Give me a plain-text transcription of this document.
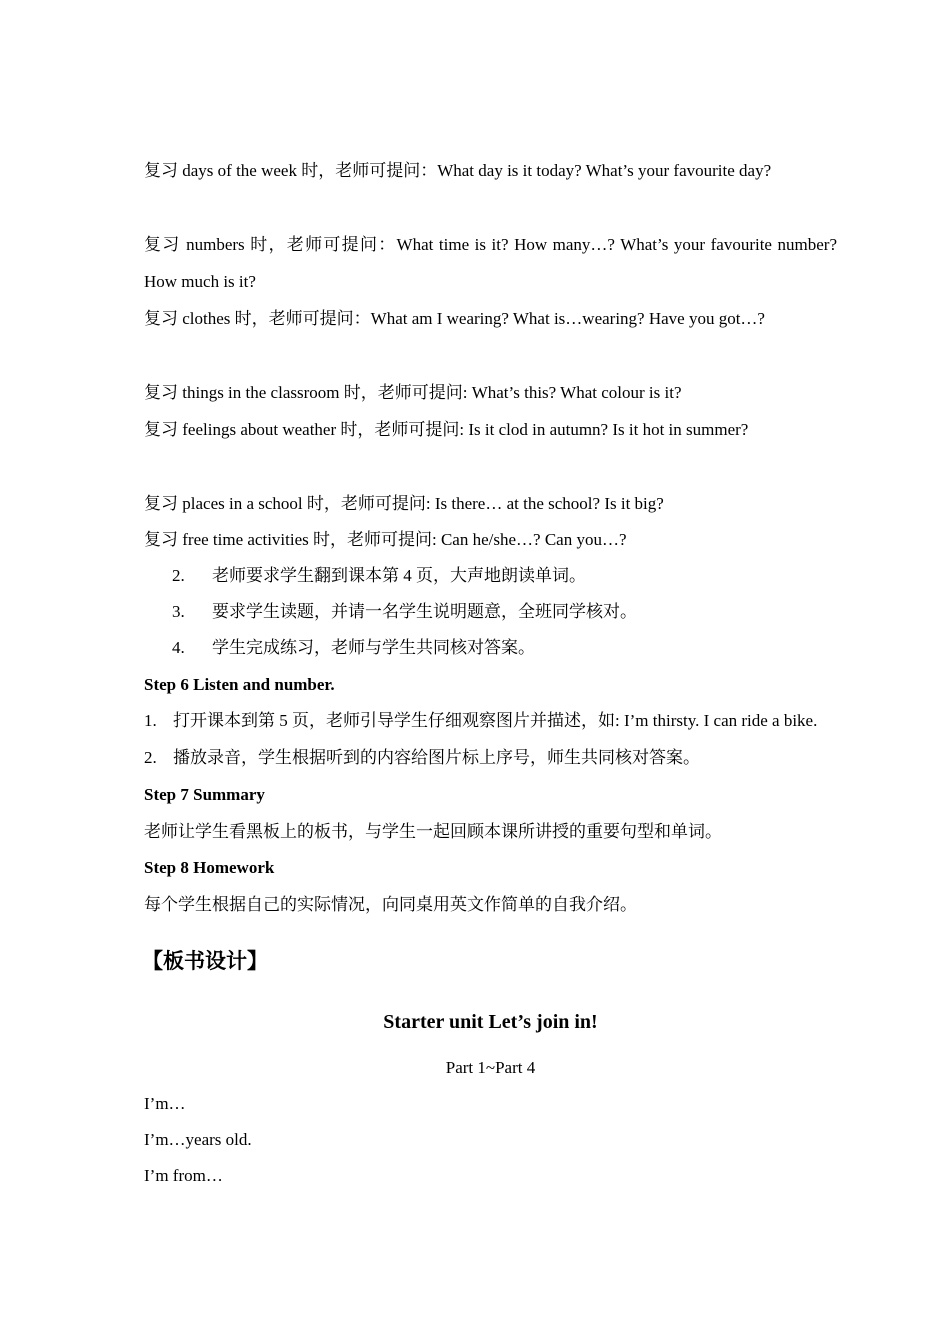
复习 days of the week 时，老师可提问：What day is it today? What’s your favourite day?

复习 numbers 时，老师可提问：What time is it? How many…? What’s your favourite number? How much is it?

复习 clothes 时，老师可提问：What am I wearing? What is…wearing? Have you got…?

复习 things in the classroom 时，老师可提问: What’s this? What colour is it?

复习 feelings about weather 时，老师可提问: Is it clod in autumn? Is it hot in summer?

复习 places in a school 时，老师可提问: Is there… at the school? Is it big?

复习 free time activities 时，老师可提问: Can he/she…? Can you…?

2. 老师要求学生翻到课本第 4 页，大声地朗读单词。
3. 要求学生读题，并请一名学生说明题意，全班同学核对。
4. 学生完成练习，老师与学生共同核对答案。

Step 6 Listen and number.

1. 打开课本到第 5 页，老师引导学生仔细观察图片并描述，如: I’m thirsty. I can ride a bike.
2. 播放录音，学生根据听到的内容给图片标上序号，师生共同核对答案。

Step 7 Summary

老师让学生看黑板上的板书，与学生一起回顾本课所讲授的重要句型和单词。

Step 8 Homework

每个学生根据自己的实际情况，向同桌用英文作简单的自我介绍。

【板书设计】
Starter unit Let’s join in!
Part 1~Part 4
I’m…
I’m…years old.
I’m from…
